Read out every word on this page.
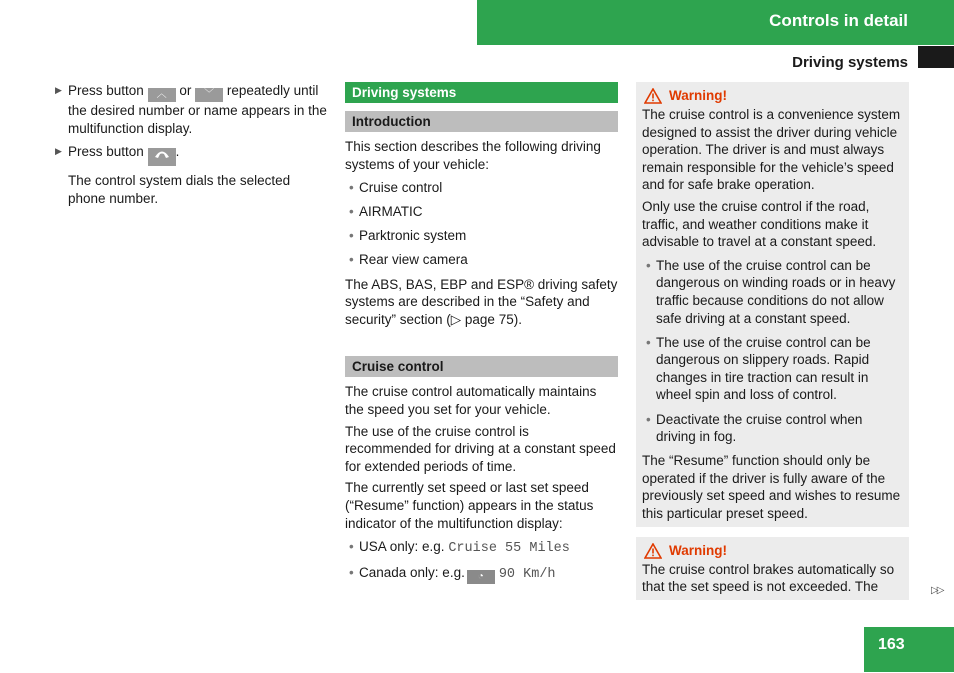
Controls in detail
Driving systems
▶ Press button ︿ or ﹀ repeatedly until the desired number or name appears in the multifunction display.
▶ Press button .
The control system dials the selected phone number.
Driving systems
Introduction

This section describes the following driving systems of your vehicle:

• Cruise control
• AIRMATIC
• Parktronic system
• Rear view camera

The ABS, BAS, EBP and ESP® driving safety systems are described in the “Safety and security” section (▷ page 75).

Cruise control

The cruise control automatically maintains the speed you set for your vehicle.

The use of the cruise control is recommended for driving at a constant speed for extended periods of time.

The currently set speed or last set speed (“Resume” function) appears in the status indicator of the multifunction display:

• USA only: e.g. Cruise 55 Miles
• Canada only: e.g. ◔ 90 Km/h
Warning!

The cruise control is a convenience system designed to assist the driver during vehicle operation. The driver is and must always remain responsible for the vehicle’s speed and for safe brake operation.

Only use the cruise control if the road, traffic, and weather conditions make it advisable to travel at a constant speed.

• The use of the cruise control can be dangerous on winding roads or in heavy traffic because conditions do not allow safe driving at a constant speed.
• The use of the cruise control can be dangerous on slippery roads. Rapid changes in tire traction can result in wheel spin and loss of control.
• Deactivate the cruise control when driving in fog.

The “Resume” function should only be operated if the driver is fully aware of the previously set speed and wishes to resume this particular preset speed.

Warning!

The cruise control brakes automatically so that the set speed is not exceeded. The	▷▷
163
